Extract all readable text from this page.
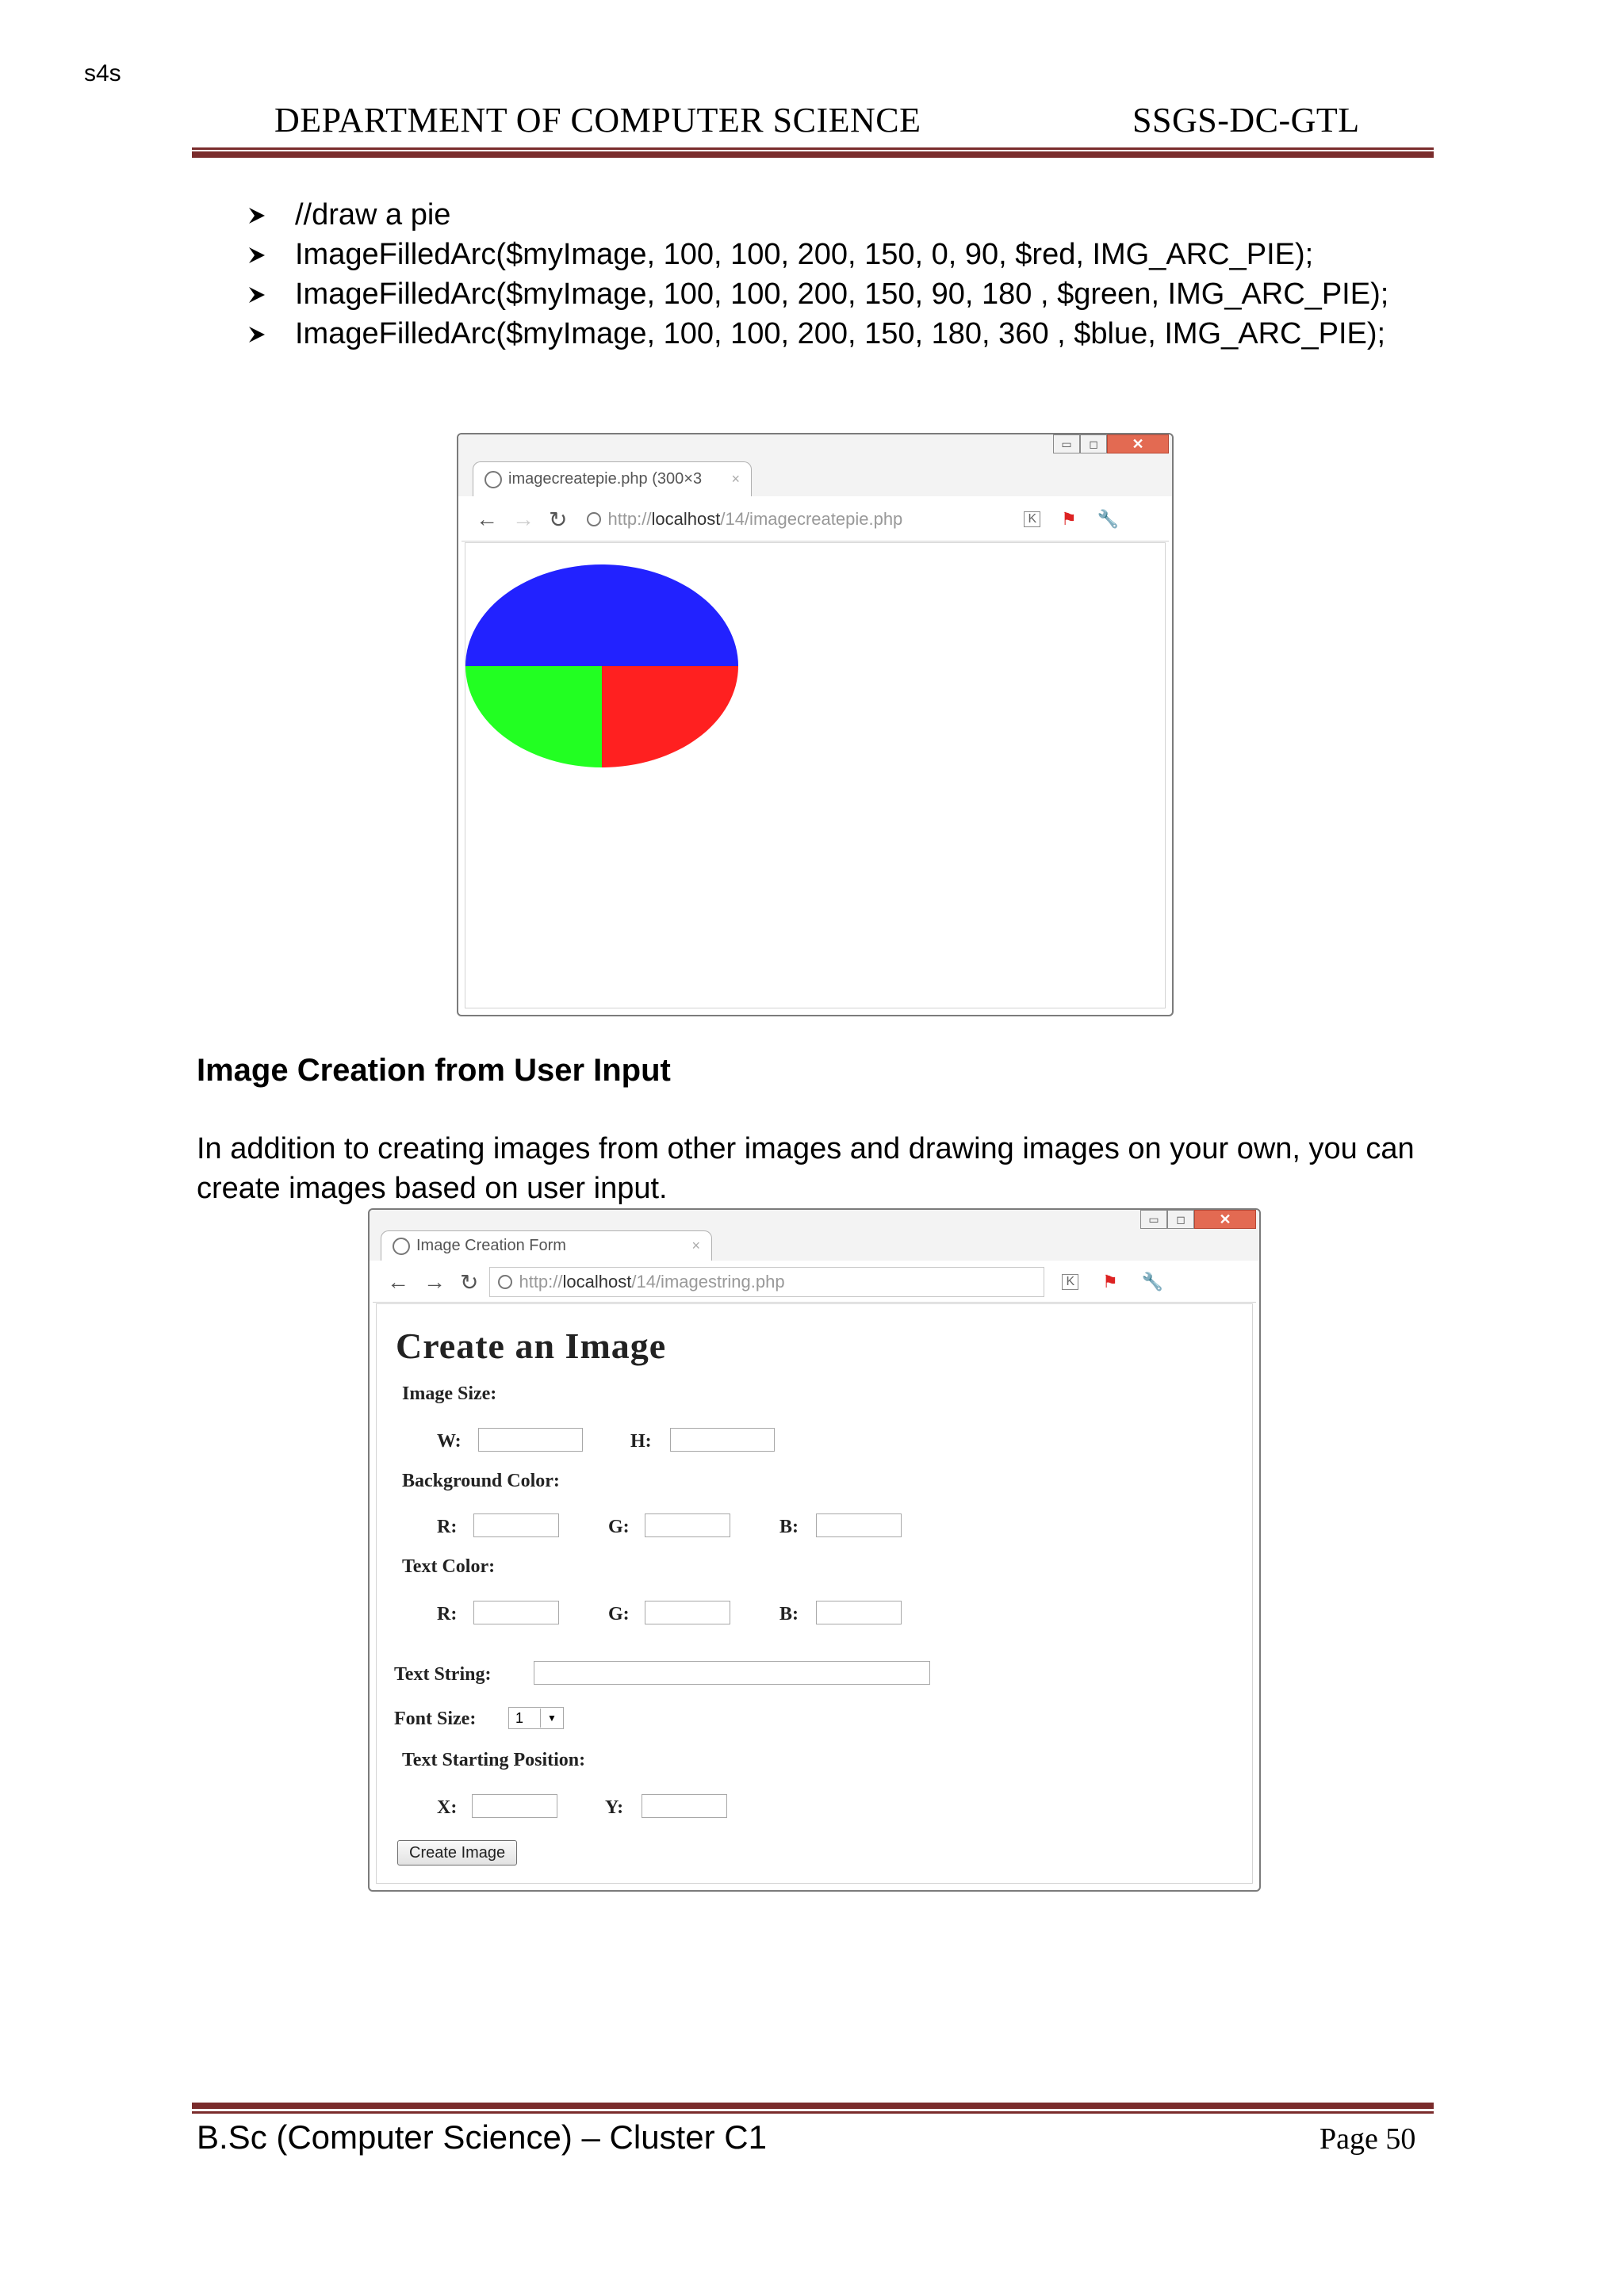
s4s
DEPARTMENT OF COMPUTER SCIENCE	SSGS-DC-GTL
//draw a pie
ImageFilledArc($myImage, 100, 100, 200, 150, 0, 90, $red, IMG_ARC_PIE);
ImageFilledArc($myImage, 100, 100, 200, 150, 90, 180 , $green, IMG_ARC_PIE);
ImageFilledArc($myImage, 100, 100, 200, 150, 180, 360 , $blue, IMG_ARC_PIE);
▭	◻	✕
imagecreatepie.php (300×3 ×
← → ↻ http:// localhost /14/imagecreatepie.php	K ⚑ 🔧
Image Creation from User Input
In addition to creating images from other images and drawing images on your own, you can create images based on user input.
▭	◻	✕
Image Creation Form	×
← → ↻ http:// localhost /14/imagestring.php	K ⚑ 🔧
Create an Image
Image Size:
W:	H:
Background Color:
R:	G:	B:
Text Color:
R:	G:	B:
Text String:
Font Size:	1	▼
Text Starting Position:
X:	Y:
Create Image
B.Sc (Computer Science) – Cluster C1	Page 50
